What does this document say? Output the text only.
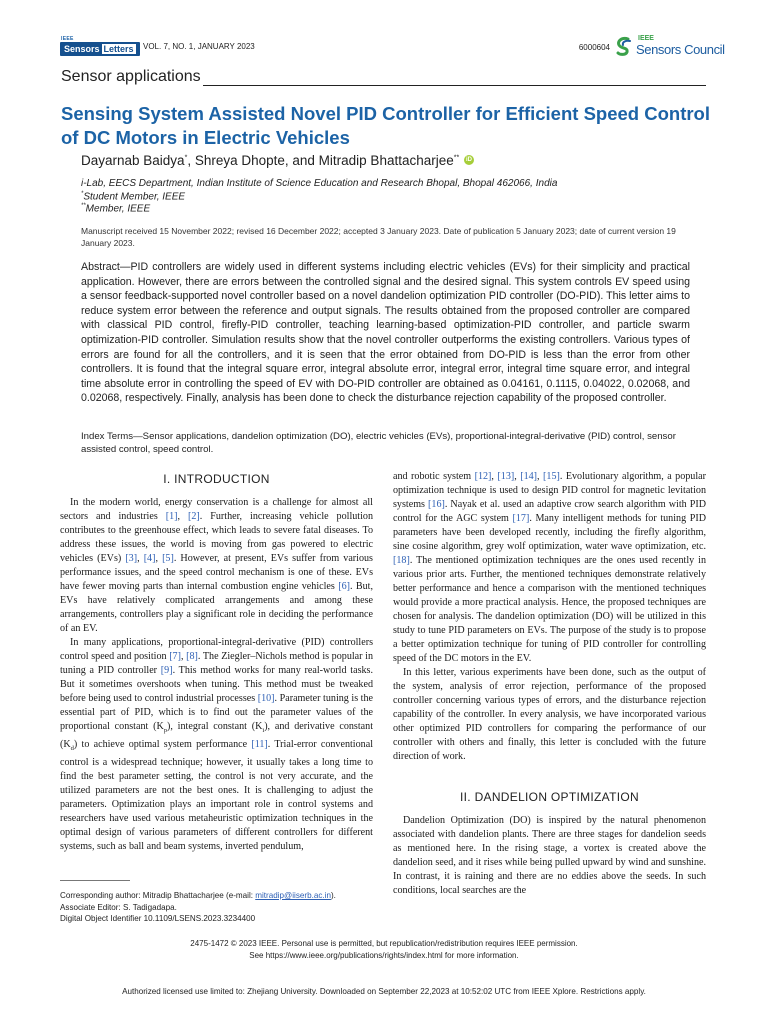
IEEE
Sensors Letters	VOL. 7, NO. 1, JANUARY 2023	6000604
IEEE
Sensors Council
Sensor applications
Sensing System Assisted Novel PID Controller for Efficient Speed Control of DC Motors in Electric Vehicles
Dayarnab Baidya*, Shreya Dhopte, and Mitradip Bhattacharjee** iD
i-Lab, EECS Department, Indian Institute of Science Education and Research Bhopal, Bhopal 462066, India
*Student Member, IEEE
**Member, IEEE
Manuscript received 15 November 2022; revised 16 December 2022; accepted 3 January 2023. Date of publication 5 January 2023; date of current version 19 January 2023.

Abstract—PID controllers are widely used in different systems including electric vehicles (EVs) for their simplicity and practical application. However, there are errors between the controlled signal and the desired signal. This system controls EV speed using a sensor feedback-supported novel controller based on a novel dandelion optimization PID controller (DO-PID). This letter aims to reduce system error between the reference and output signals. The results obtained from the proposed controller are compared with classical PID control, firefly-PID controller, teaching learning-based optimization-PID controller, and particle swarm optimization-PID controller. Simulation results show that the novel controller outperforms the existing controllers. Various types of errors are found for all the controllers, and it is seen that the error obtained from DO-PID is less than the error from other controllers. It is found that the integral square error, integral absolute error, integral error, integral time square error, and integral time absolute error in controlling the speed of EV with DO-PID controller are obtained as 0.04161, 0.1115, 0.04022, 0.02068, and 0.02068, respectively. Finally, analysis has been done to check the disturbance rejection capability of the proposed controller.

Index Terms—Sensor applications, dandelion optimization (DO), electric vehicles (EVs), proportional-integral-derivative (PID) control, sensor assisted control, speed control.

I. INTRODUCTION

In the modern world, energy conservation is a challenge for almost all sectors and industries [1], [2]. Further, increasing vehicle pollution contributes to the greenhouse effect, which leads to severe fatal diseases. To address these issues, the world is moving from gas powered to electric vehicles (EVs) [3], [4], [5]. However, at present, EVs suffer from various performance issues, and the speed control mechanism is one of these. EVs have fewer moving parts than internal combustion engine vehicles [6]. But, EVs have relatively complicated arrangements and among these arrangements, controllers play a significant role in deciding the performance of an EV.

In many applications, proportional-integral-derivative (PID) controllers control speed and position [7], [8]. The Ziegler–Nichols method is popular in tuning a PID controller [9]. This method works for many real-world tasks. But it sometimes overshoots when tuning. This method must be tweaked before being used to control industrial processes [10]. Parameter tuning is the essential part of PID, which is to find out the parameter values of the proportional constant $(K_p)$, integral constant $(K_i)$, and derivative constant $(K_d)$ to achieve optimal system performance [11]. Trial-error conventional control is a widespread technique; however, it usually takes a long time to find the best parameter setting, the control is not very accurate, and the utilized parameters are not the best ones. It is challenging to adjust the parameters. Optimization plays an important role in control systems and researchers have used various metaheuristic optimization techniques in the optimal design of various parameters of different controllers for different systems, such as ball and beam systems, inverted pendulum,

and robotic system [12], [13], [14], [15]. Evolutionary algorithm, a popular optimization technique is used to design PID control for magnetic levitation systems [16]. Nayak et al. used an adaptive crow search algorithm with PID control for the AGC system [17]. Many intelligent methods for tuning PID parameters have been developed recently, including the firefly algorithm, sine cosine algorithm, grey wolf optimization, water wave optimization, etc. [18]. The mentioned optimization techniques are the ones used recently in various prior arts. Further, the mentioned techniques demonstrate relatively better performance and hence a comparison with the mentioned techniques would provide a more practical analysis. Hence, the proposed techniques are chosen for analysis. The dandelion optimization (DO) will be utilized in this study to tune PID parameters on EVs. The purpose of the study is to propose a better optimization technique for tuning of PID controller for controlling speed of the DC motors in the EV.

In this letter, various experiments have been done, such as the output of the system, analysis of error rejection, performance of the proposed controller concerning various types of errors, and the disturbance rejection capability of the controller. In every analysis, we have incorporated various other optimized PID controllers for comparing the performance of our controller with others and finally, this letter is concluded with the future direction of work.

II. DANDELION OPTIMIZATION

Dandelion Optimization (DO) is inspired by the natural phenomenon associated with dandelion plants. There are three stages for dandelion seeds as mentioned here. In the rising stage, a vortex is created above the dandelion seed, and it rises while being pulled upward by wind and sunshine. In contrast, it is raining and there are no eddies above the seeds. In such conditions, local searches are the

Corresponding author: Mitradip Bhattacharjee (e-mail: mitradip@iiserb.ac.in).
Associate Editor: S. Tadigadapa.
Digital Object Identifier 10.1109/LSENS.2023.3234400
2475-1472 © 2023 IEEE. Personal use is permitted, but republication/redistribution requires IEEE permission.
See https://www.ieee.org/publications/rights/index.html for more information.
Authorized licensed use limited to: Zhejiang University. Downloaded on September 22,2023 at 10:52:02 UTC from IEEE Xplore. Restrictions apply.
